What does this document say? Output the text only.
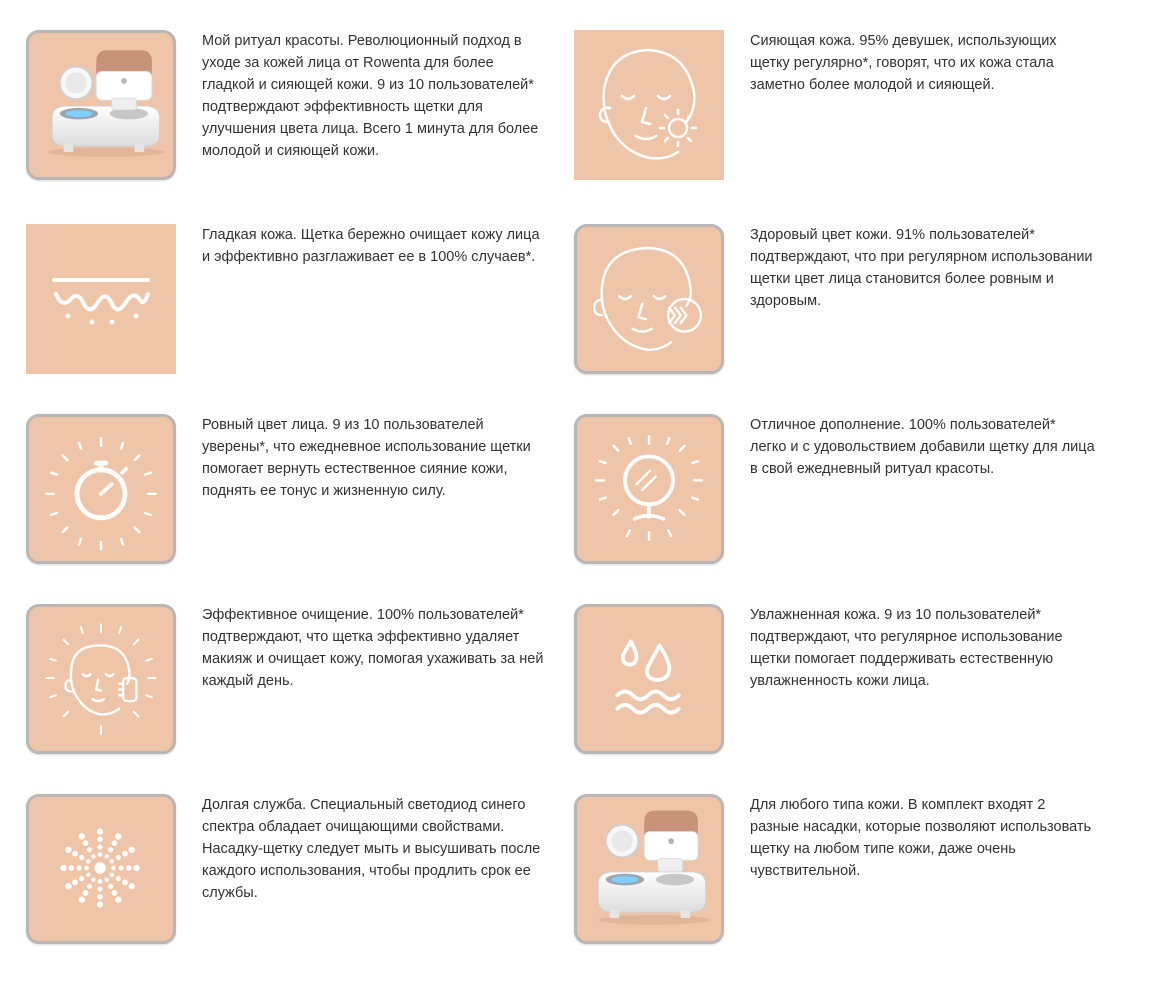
Мой ритуал красоты. Революционный подход в уходе за кожей лица от Rowenta для более гладкой и сияющей кожи. 9 из 10 пользователей* подтверждают эффективность щетки для улучшения цвета лица. Всего 1 минута для более молодой и сияющей кожи.

Сияющая кожа. 95% девушек, использующих щетку регулярно*, говорят, что их кожа стала заметно более молодой и сияющей.

Гладкая кожа. Щетка бережно очищает кожу лица и эффективно разглаживает ее в 100% случаев*.

Здоровый цвет кожи. 91% пользователей* подтверждают, что при регулярном использовании щетки цвет лица становится более ровным и здоровым.

Ровный цвет лица. 9 из 10 пользователей уверены*, что ежедневное использование щетки помогает вернуть естественное сияние кожи, поднять ее тонус и жизненную силу.

Отличное дополнение. 100% пользователей* легко и с удовольствием добавили щетку для лица в свой ежедневный ритуал красоты.

Эффективное очищение. 100% пользователей* подтверждают, что щетка эффективно удаляет макияж и очищает кожу, помогая ухаживать за ней каждый день.

Увлажненная кожа. 9 из 10 пользователей* подтверждают, что регулярное использование щетки помогает поддерживать естественную увлажненность кожи лица.

Долгая служба. Специальный светодиод синего спектра обладает очищающими свойствами. Насадку-щетку следует мыть и высушивать после каждого использования, чтобы продлить срок ее службы.

Для любого типа кожи. В комплект входят 2 разные насадки, которые позволяют использовать щетку на любом типе кожи, даже очень чувствительной.
